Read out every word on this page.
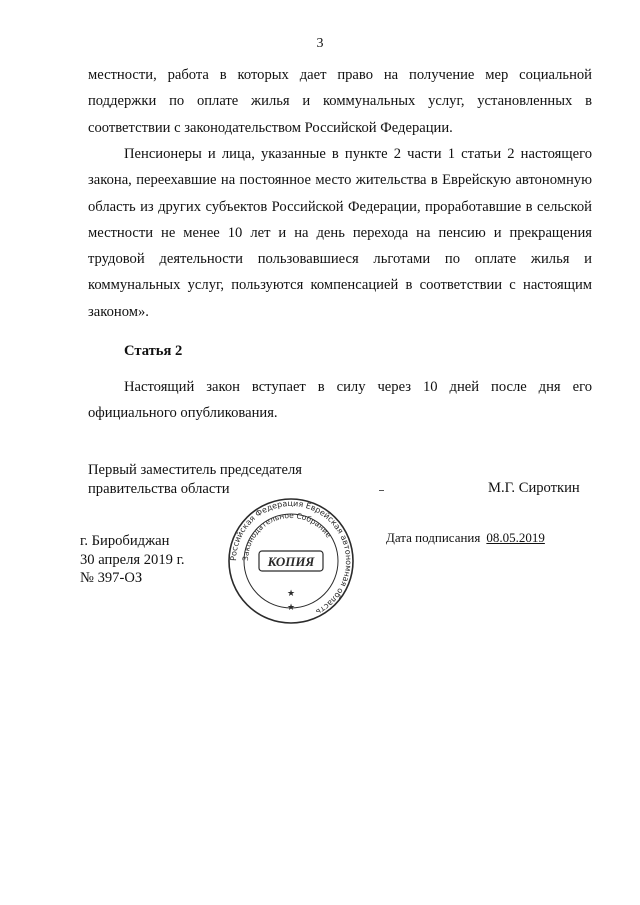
3
местности, работа в которых дает право на получение мер социальной поддержки по оплате жилья и коммунальных услуг, установленных в соответствии с законодательством Российской Федерации.
Пенсионеры и лица, указанные в пункте 2 части 1 статьи 2 настоящего закона, переехавшие на постоянное место жительства в Еврейскую автономную область из других субъектов Российской Федерации, проработавшие в сельской местности не менее 10 лет и на день перехода на пенсию и прекращения трудовой деятельности пользовавшиеся льготами по оплате жилья и коммунальных услуг, пользуются компенсацией в соответствии с настоящим законом».
Статья 2
Настоящий закон вступает в силу через 10 дней после дня его официального опубликования.
Первый заместитель председателя
правительства области	М.Г. Сироткин
г. Биробиджан
30 апреля 2019 г.
№ 397-ОЗ
Дата подписания 08.05.2019
Российская Федерация Еврейская автономная область
Законодательное Собрание
КОПИЯ
★
★
